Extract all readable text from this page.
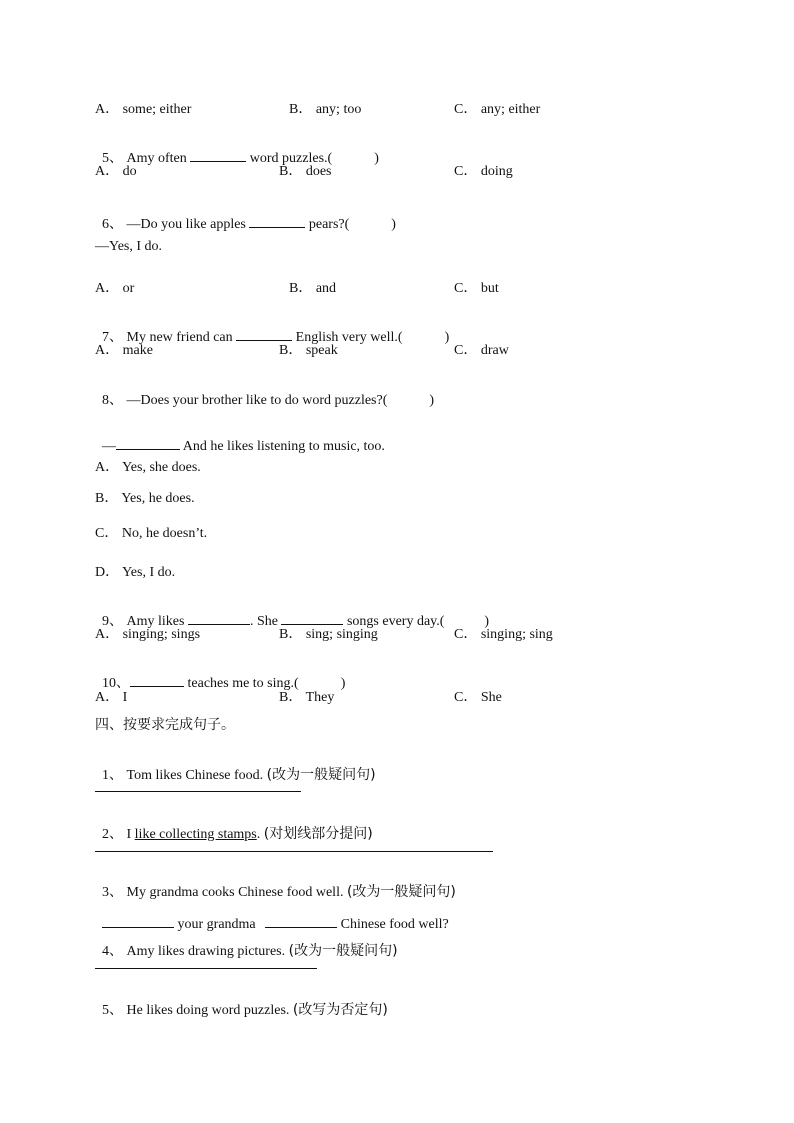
A． some; either	B． any; too	C． any; either

5、 Amy often	word puzzles.(	)

A． do	B． does	C． doing

6、 —Do you like apples	pears?(	)

—Yes, I do.
A． or	B． and	C． but

7、 My new friend can	English very well.(	)

A． make	B． speak	C． draw

8、 —Does your brother like to do word puzzles?(	)

—	And he likes listening to music, too.

A． Yes, she does.
B． Yes, he does.
C． No, he doesn’t.
D． Yes, I do.

9、 Amy likes	. She	songs every day.(	)

A． singing; sings	B． sing; singing	C． singing; sing

10、	teaches me to sing.(	)

A． I	B． They	C． She
四、按要求完成句子。

1、 Tom likes Chinese food. (改为一般疑问句)

2、 I like collecting stamps. (对划线部分提问)

3、 My grandma cooks Chinese food well. (改为一般疑问句)

your grandma	Chinese food well?

4、 Amy likes drawing pictures. (改为一般疑问句)

5、 He likes doing word puzzles. (改写为否定句)
